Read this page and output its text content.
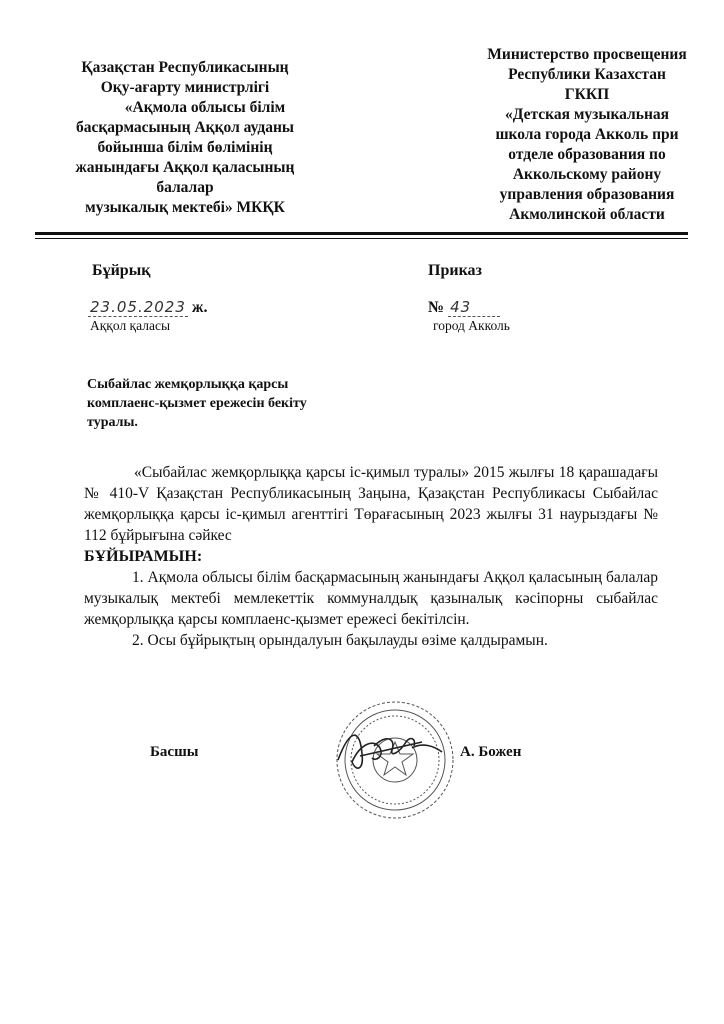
Қазақстан Республикасының
Оқу-ағарту министрлігі
«Ақмола облысы білім
басқармасының Аққол ауданы
бойынша білім бөлімінің
жанындағы Аққол қаласының
балалар
музыкалық мектебі» МКҚК
Министерство просвещения
Республики Казахстан
ГККП
«Детская музыкальная
школа города Акколь при
отделе образования по
Аккольскому району
управления образования
Акмолинской области
Бұйрық	Приказ
23.05.2023 ж.
Аққол қаласы
№ 43
город Акколь
Сыбайлас жемқорлыққа қарсы
комплаенс-қызмет ережесін бекіту
туралы.

«Сыбайлас жемқорлыққа қарсы іс-қимыл туралы» 2015 жылғы 18 қарашадағы № 410-V Қазақстан Республикасының Заңына, Қазақстан Республикасы Сыбайлас жемқорлыққа қарсы іс-қимыл агенттігі Төрағасының 2023 жылғы 31 наурыздағы № 112 бұйрығына сәйкес

БҰЙЫРАМЫН:

1. Ақмола облысы білім басқармасының жанындағы Аққол қаласының балалар музыкалық мектебі мемлекеттік коммуналдық қазыналық кәсіпорны сыбайлас жемқорлыққа қарсы комплаенс-қызмет ережесі бекітілсін.

2. Осы бұйрықтың орындалуын бақылауды өзіме қалдырамын.

Басшы	А. Божен
